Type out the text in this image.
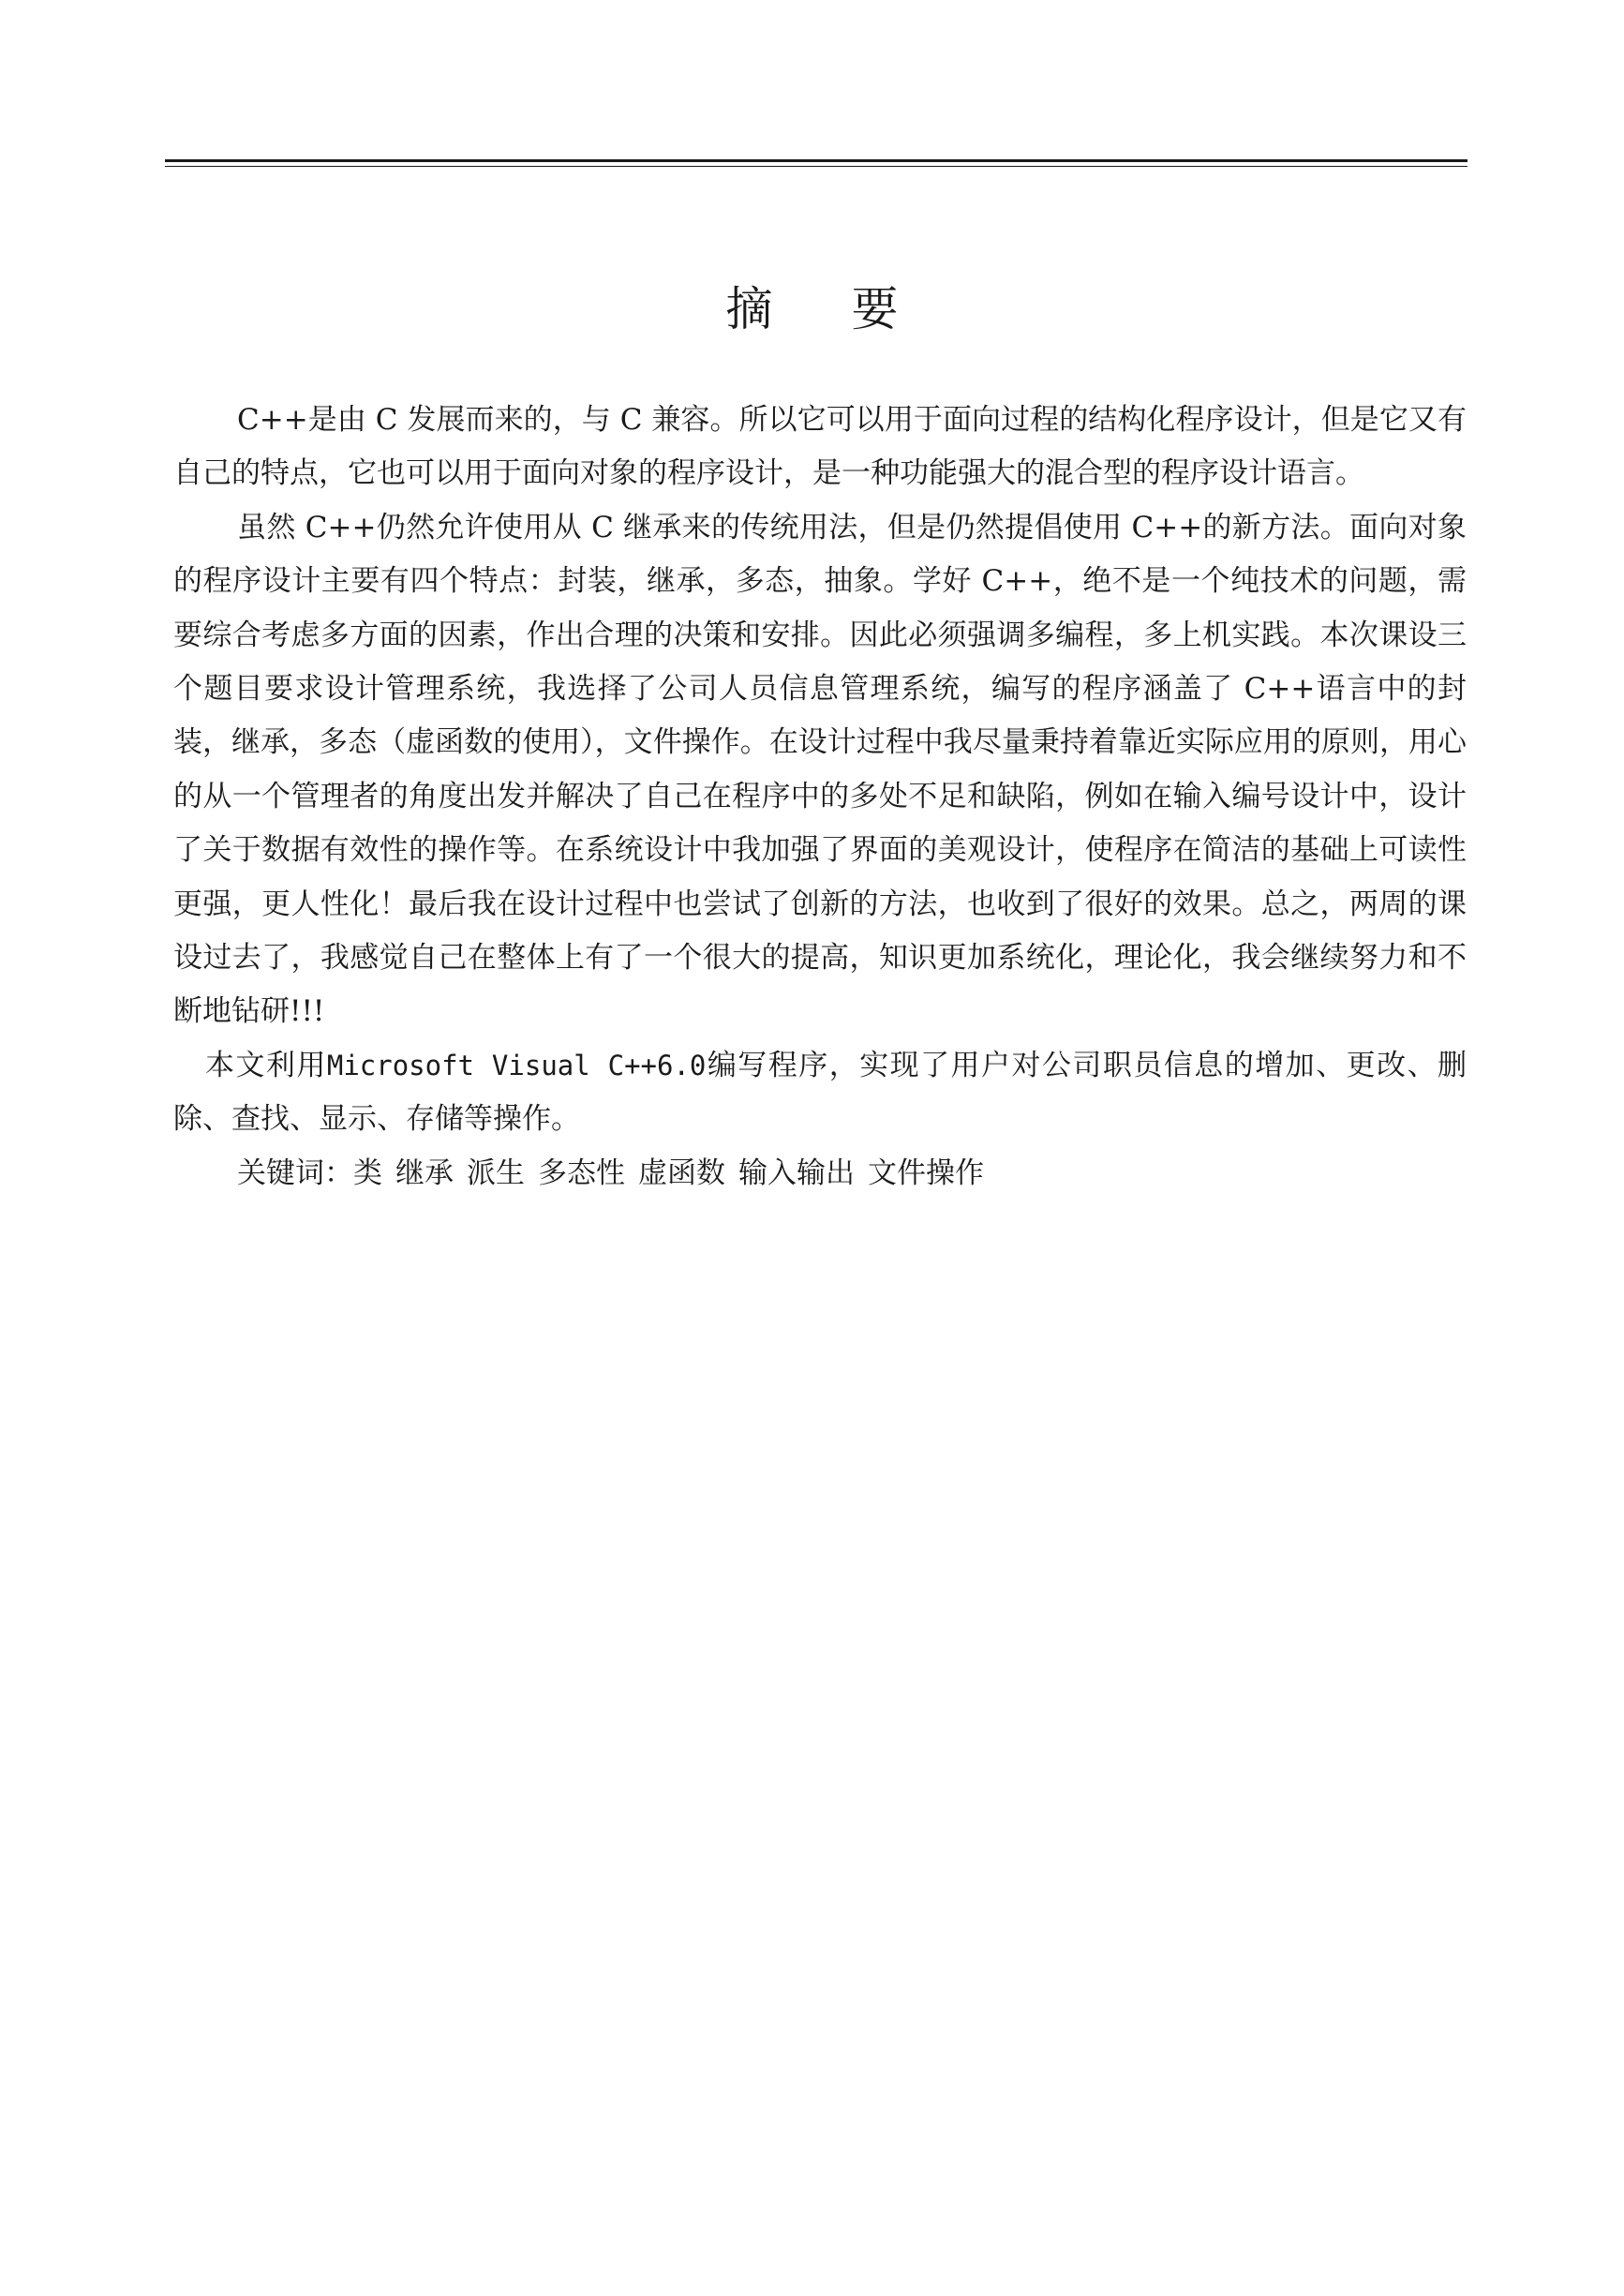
摘 要

C++是由 C 发展而来的，与 C 兼容。所以它可以用于面向过程的结构化程序设计，但是它又有自己的特点，它也可以用于面向对象的程序设计，是一种功能强大的混合型的程序设计语言。

虽然 C++仍然允许使用从 C 继承来的传统用法，但是仍然提倡使用 C++的新方法。面向对象的程序设计主要有四个特点：封装，继承，多态，抽象。学好 C++，绝不是一个纯技术的问题，需要综合考虑多方面的因素，作出合理的决策和安排。因此必须强调多编程，多上机实践。本次课设三个题目要求设计管理系统，我选择了公司人员信息管理系统，编写的程序涵盖了 C++语言中的封装，继承，多态（虚函数的使用），文件操作。在设计过程中我尽量秉持着靠近实际应用的原则，用心的从一个管理者的角度出发并解决了自己在程序中的多处不足和缺陷，例如在输入编号设计中，设计了关于数据有效性的操作等。在系统设计中我加强了界面的美观设计，使程序在简洁的基础上可读性更强，更人性化！最后我在设计过程中也尝试了创新的方法，也收到了很好的效果。总之，两周的课设过去了，我感觉自己在整体上有了一个很大的提高，知识更加系统化，理论化，我会继续努力和不断地钻研!!!

本文利用Microsoft Visual C++6.0编写程序，实现了用户对公司职员信息的增加、更改、删除、查找、显示、存储等操作。

关键词：类 继承 派生 多态性 虚函数 输入输出 文件操作
